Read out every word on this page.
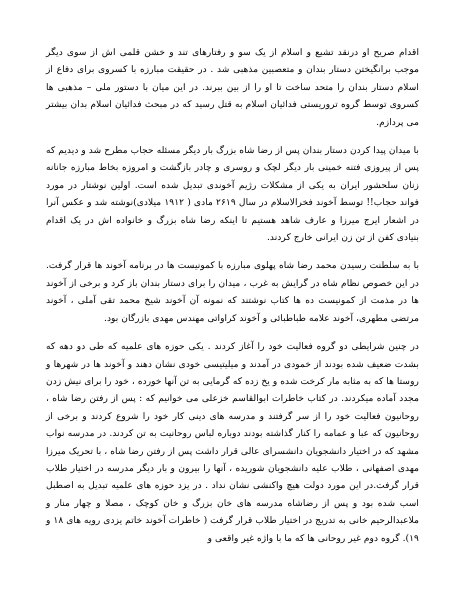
اقدام صریح او درنقد تشیع و اسلام از یک سو و رفتارهای تند و خشن قلمی اش از سوی دیگر موجب برانگیختن دستار بندان و متعصبین مذهبی شد . در حقیقت مبارزه با کسروی برای دفاع از اسلام دستار بندان را متحد ساخت تا او را از بین ببرند. در این میان با دستور ملی – مذهبی ها کسروی توسط گروه تروریستی فدائیان اسلام به قتل رسید که در مبحث فدائیان اسلام بدان بیشتر می پردازم.

با میدان پیدا کردن دستار بندان پس از رضا شاه بزرگ بار دیگر مسئله حجاب مطرح شد و دیدیم که پس از پیروزی فتنه خمینی بار دیگر لچک و روسری و چادر بازگشت و امروزه بخاط مبارزه جانانه زنان سلحشور ایران به یکی از مشکلات رژیم آخوندی تبدیل شده است. اولین نوشتار در مورد فواند حجاب!! توسط آخوند فخرالاسلام در سال ۲۶۱۹ مادی ( ۱۹۱۲ میلادی)نوشته شد و عکس آنرا در اشعار ایرج میرزا و عارف شاهد هستیم تا اینکه رضا شاه بزرگ و خانواده اش در یک اقدام بنیادی کفن از تن زن ایرانی خارج کردند.

با به سلطنت رسیدن محمد رضا شاه پهلوی مبارزه با کمونیست ها در برنامه آخوند ها قرار گرفت. در این خصوص نظام شاه در گرایش به غرب ، میدان را برای دستار بندان باز کرد و برخی از آخوند ها در مذمت از کمونیست ده ها کتاب نوشتند که نمونه آن آخوند شیخ محمد تقی آملی ، آخوند مرتضی مطهری، آخوند علامه طباطبائی و آخوند کراواتی مهندس مهدی بازرگان بود.

در چنین شرایطی دو گروه فعالیت خود را آغاز کردند . یکی حوزه های علمیه که طی دو دهه که بشدت ضعیف شده بودند از خمودی در آمدند و میلیتیسی خودی نشان دهند و آخوند ها در شهرها و روستا ها که به مثابه مار کرخت شده و یخ زده که گرمایی به تن آنها خورده ، خود را برای نیش زدن مجدد آماده میکردند. در کتاب خاطرات ابوالقاسم خزعلی می خوانیم که : پس از رفتن رضا شاه ، روحانیون فعالیت خود را از سر گرفتند و مدرسه های دینی کار خود را شروع کردند و برخی از روحانیون که عبا و عمامه را کنار گذاشته بودند دوباره لباس روحانیت به تن کردند. در مدرسه نواب مشهد که در اختیار دانشجویان دانشسرای عالی قرار داشت پس از رفتن رضا شاه ، با تحریک میرزا مهدی اصفهانی ، طلاب علیه دانشجویان شوریده ، آنها را بیرون و بار دیگر مدرسه در اختیار طلاب قرار گرفت.در این مورد دولت هیچ واکنشی نشان نداد . در یزد حوزه های علمیه تبدیل به اصطبل اسب شده بود و پس از رضاشاه مدرسه های خان بزرگ و خان کوچک ، مصلا و چهار منار و ملاعبدالرحیم خانی به تدریج در اختیار طلاب قرار گرفت ( خاطرات آخوند خاتم یزدی رویه های ۱۸ و ۱۹). گروه دوم غیر روحانی ها که ما با واژه غیر واقعی و
